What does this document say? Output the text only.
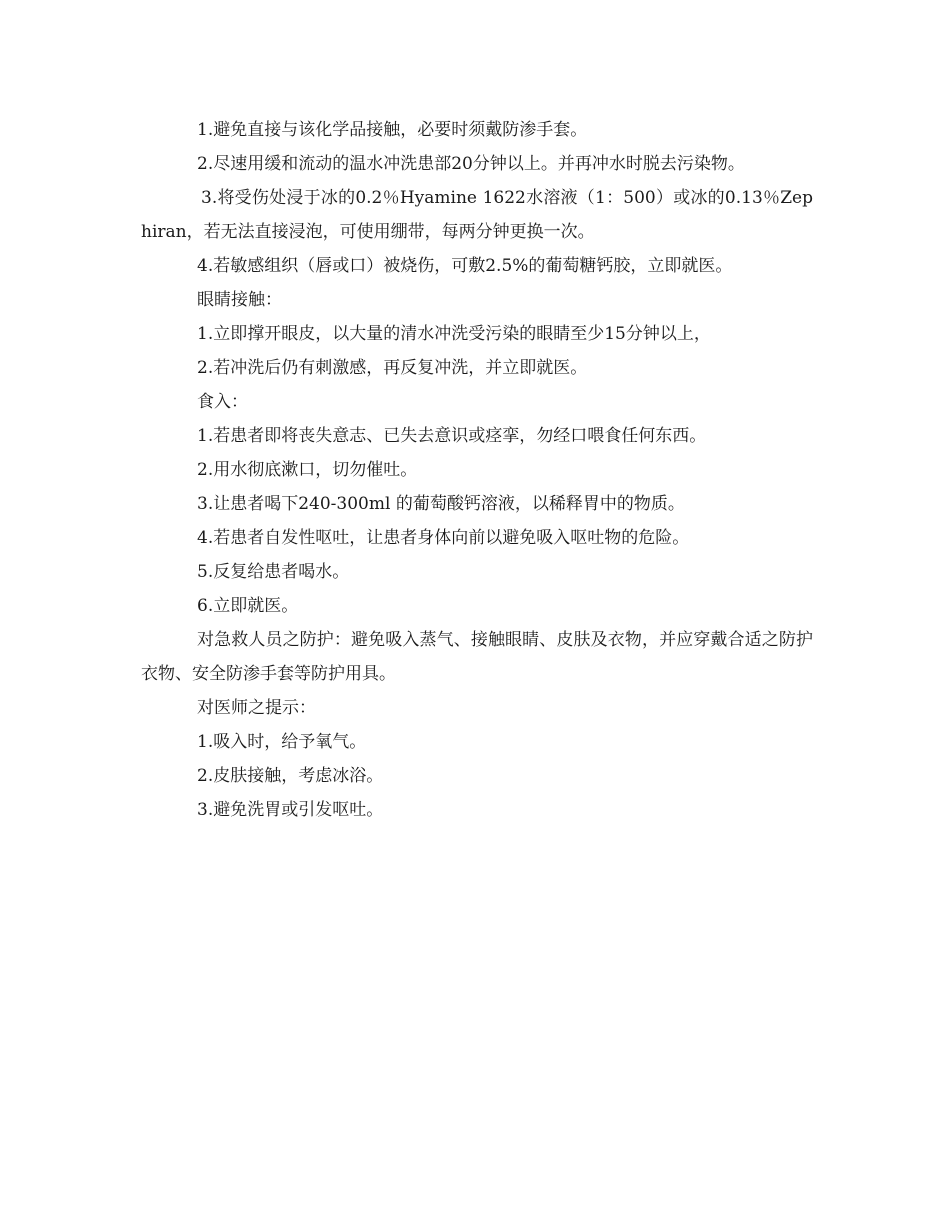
1.避免直接与该化学品接触，必要时须戴防渗手套。

2.尽速用缓和流动的温水冲洗患部20分钟以上。并再冲水时脱去污染物。

3.将受伤处浸于冰的0.2％Hyamine 1622水溶液（1：500）或冰的0.13％Zephiran，若无法直接浸泡，可使用绷带，每两分钟更换一次。

4.若敏感组织（唇或口）被烧伤，可敷2.5%的葡萄糖钙胶，立即就医。

眼睛接触：

1.立即撑开眼皮，以大量的清水冲洗受污染的眼睛至少15分钟以上，

2.若冲洗后仍有刺激感，再反复冲洗，并立即就医。

食入：

1.若患者即将丧失意志、已失去意识或痉挛，勿经口喂食任何东西。

2.用水彻底漱口，切勿催吐。

3.让患者喝下240-300ml 的葡萄酸钙溶液，以稀释胃中的物质。

4.若患者自发性呕吐，让患者身体向前以避免吸入呕吐物的危险。

5.反复给患者喝水。

6.立即就医。

对急救人员之防护：避免吸入蒸气、接触眼睛、皮肤及衣物，并应穿戴合适之防护衣物、安全防渗手套等防护用具。

对医师之提示：

1.吸入时，给予氧气。

2.皮肤接触，考虑冰浴。

3.避免洗胃或引发呕吐。
